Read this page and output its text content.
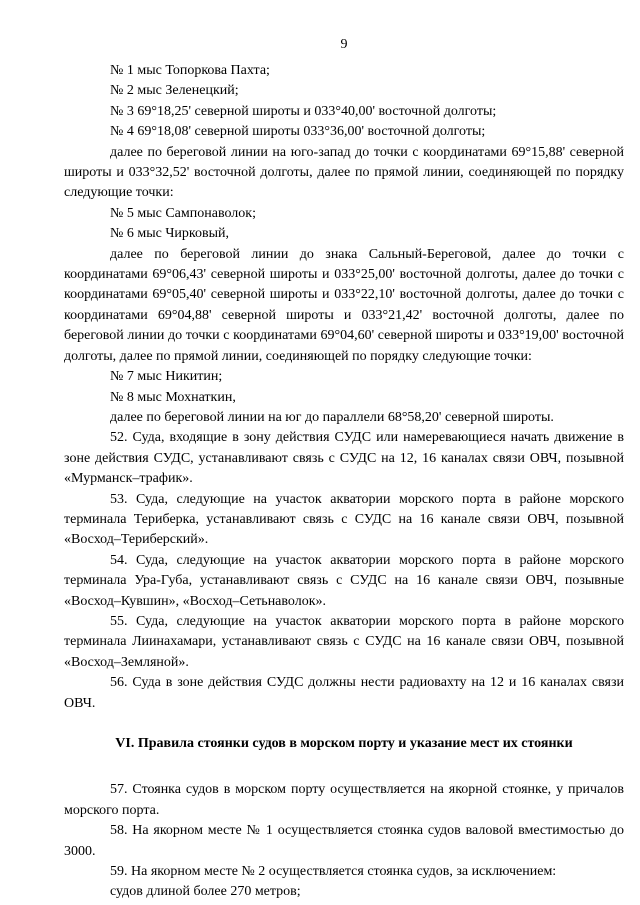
9

№ 1 мыс Топоркова Пахта;

№ 2 мыс Зеленецкий;

№ 3 69°18,25' северной широты и 033°40,00' восточной долготы;

№ 4 69°18,08' северной широты 033°36,00' восточной долготы;

далее по береговой линии на юго-запад до точки с координатами 69°15,88' северной широты и 033°32,52' восточной долготы, далее по прямой линии, соединяющей по порядку следующие точки:

№ 5 мыс Сампонаволок;

№ 6 мыс Чирковый,

далее по береговой линии до знака Сальный-Береговой, далее до точки с координатами 69°06,43' северной широты и 033°25,00' восточной долготы, далее до точки с координатами 69°05,40' северной широты и 033°22,10' восточной долготы, далее до точки с координатами 69°04,88' северной широты и 033°21,42' восточной долготы, далее по береговой линии до точки с координатами 69°04,60' северной широты и 033°19,00' восточной долготы, далее по прямой линии, соединяющей по порядку следующие точки:

№ 7 мыс Никитин;

№ 8 мыс Мохнаткин,

далее по береговой линии на юг до параллели 68°58,20' северной широты.

52. Суда, входящие в зону действия СУДС или намеревающиеся начать движение в зоне действия СУДС, устанавливают связь с СУДС на 12, 16 каналах связи ОВЧ, позывной «Мурманск–трафик».

53. Суда, следующие на участок акватории морского порта в районе морского терминала Териберка, устанавливают связь с СУДС на 16 канале связи ОВЧ, позывной «Восход–Териберский».

54. Суда, следующие на участок акватории морского порта в районе морского терминала Ура-Губа, устанавливают связь с СУДС на 16 канале связи ОВЧ, позывные «Восход–Кувшин», «Восход–Сетьнаволок».

55. Суда, следующие на участок акватории морского порта в районе морского терминала Лиинахамари, устанавливают связь с СУДС на 16 канале связи ОВЧ, позывной «Восход–Земляной».

56. Суда в зоне действия СУДС должны нести радиовахту на 12 и 16 каналах связи ОВЧ.

VI. Правила стоянки судов в морском порту и указание мест их стоянки

57. Стоянка судов в морском порту осуществляется на якорной стоянке, у причалов морского порта.

58. На якорном месте № 1 осуществляется стоянка судов валовой вместимостью до 3000.

59. На якорном месте № 2 осуществляется стоянка судов, за исключением:

судов длиной более 270 метров;
